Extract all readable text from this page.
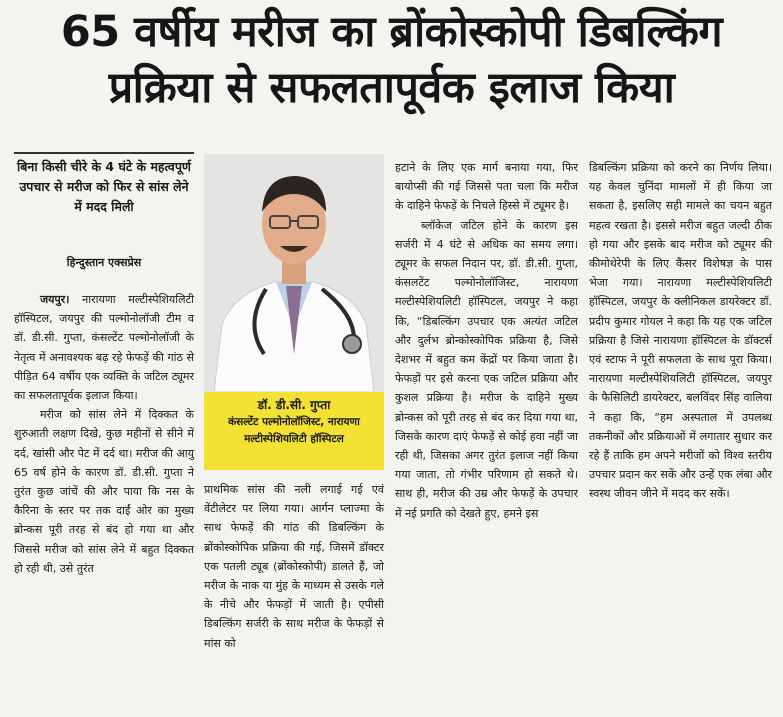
65 वर्षीय मरीज का ब्रोंकोस्कोपी डिबल्किंग
प्रक्रिया से सफलतापूर्वक इलाज किया
बिना किसी चीरे के 4 घंटे के महत्वपूर्ण उपचार से मरीज को फिर से सांस लेने में मदद मिली
हिन्दुस्तान एक्सप्रेस

जयपुर। नारायणा मल्टीस्पेशियलिटी हॉस्पिटल, जयपुर की पल्मोनोलॉजी टीम व डॉ. डी.सी. गुप्ता, कंसल्टेंट पल्मोनोलॉजी के नेतृत्व में अनावश्यक बढ़ रहे फेफड़ें की गांठ से पीड़ित 64 वर्षीय एक व्यक्ति के जटिल ट्यूमर का सफलतापूर्वक इलाज किया।

मरीज को सांस लेने में दिक्कत के शुरुआती लक्षण दिखे, कुछ महीनों से सीने में दर्द, खांसी और पेट में दर्द था। मरीज की आयु 65 वर्ष होने के कारण डॉ. डी.सी. गुप्ता ने तुरंत कुछ जांचें की और पाया कि नस के कैरिना के स्तर पर तक दाईं ओर का मुख्य ब्रोन्कस पूरी तरह से बंद हो गया था और जिससे मरीज को सांस लेने में बहुत दिक्कत हो रही थी, उसे तुरंत

डॉ. डी.सी. गुप्ता
कंसल्टेंट पल्मोनोलॉजिस्ट, नारायणा मल्टीस्पेशियलिटी हॉस्पिटल

प्राथमिक सांस की नली लगाई गई एवं वेंटीलेटर पर लिया गया। आर्गन प्लाज्मा के साथ फेफड़ें की गांठ की डिबल्किंग के ब्रोंकोस्कोपिक प्रक्रिया की गई, जिसमें डॉक्टर एक पतली ट्यूब (ब्रोंकोस्कोपी) डालते हैं, जो मरीज के नाक या मुंह के माध्यम से उसके गले के नीचे और फेफड़ों में जाती है। एपीसी डिबल्किंग सर्जरी के साथ मरीज के फेफड़ों से मांस को

हटाने के लिए एक मार्ग बनाया गया, फिर बायोप्सी की गई जिससे पता चला कि मरीज के दाहिने फेफड़ें के निचले हिस्से में ट्यूमर है।

ब्लॉकेज जटिल होने के कारण इस सर्जरी में 4 घंटे से अधिक का समय लगा। ट्यूमर के सफल निदान पर, डॉ. डी.सी. गुप्ता, कंसलटेंट पल्मोनोलॉजिस्ट, नारायणा मल्टीस्पेशियलिटी हॉस्पिटल, जयपुर ने कहा कि, “डिबल्किंग उपचार एक अत्यंत जटिल और दुर्लभ ब्रोन्कोस्कोपिक प्रक्रिया है, जिसे देशभर में बहुत कम केंद्रों पर किया जाता है। फेफड़ों पर इसे करना एक जटिल प्रक्रिया और कुशल प्रक्रिया है। मरीज के दाहिने मुख्य ब्रोन्कस को पूरी तरह से बंद कर दिया गया था, जिसके कारण दाएं फेफड़ें से कोई हवा नहीं जा रही थी, जिसका अगर तुरंत इलाज नहीं किया गया जाता, तो गंभीर परिणाम हो सकते थे। साथ ही, मरीज की उम्र और फेफड़ें के उपचार में नई प्रगति को देखते हुए, हमने इस

डिबल्किंग प्रक्रिया को करने का निर्णय लिया। यह केवल चुनिंदा मामलों में ही किया जा सकता है, इसलिए सही मामले का चयन बहुत महत्व रखता है। इससे मरीज बहुत जल्दी ठीक हो गया और इसके बाद मरीज को ट्यूमर की कीमोथेरेपी के लिए कैंसर विशेषज्ञ के पास भेजा गया। नारायणा मल्टीस्पेशियलिटी हॉस्पिटल, जयपुर के क्लीनिकल डायरेक्टर डॉ. प्रदीप कुमार गोयल ने कहा कि यह एक जटिल प्रक्रिया है जिसे नारायणा हॉस्पिटल के डॉक्टर्स एवं स्टाफ ने पूरी सफलता के साथ पूरा किया। नारायणा मल्टीस्पेशियलिटी हॉस्पिटल, जयपुर के फैसिलिटी डायरेक्टर, बलविंदर सिंह वालिया ने कहा कि, “हम अस्पताल में उपलब्ध तकनीकों और प्रक्रियाओं में लगातार सुधार कर रहे हैं ताकि हम अपने मरीजों को विश्व स्तरीय उपचार प्रदान कर सकें और उन्हें एक लंबा और स्वस्थ जीवन जीने में मदद कर सकें।
